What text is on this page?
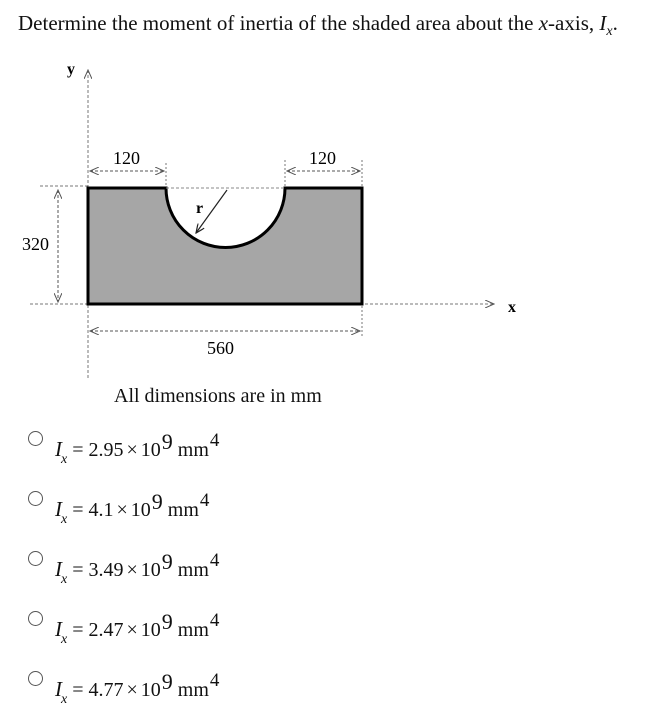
Determine the moment of inertia of the shaded area about the x-axis, $I_x$.
y
x
120	120
320
560
r
All dimensions are in mm
$I_x = 2.95 \times 109$ mm4
$I_x = 4.1 \times 109$ mm4
$I_x = 3.49 \times 109$ mm4
$I_x = 2.47 \times 109$ mm4
$I_x = 4.77 \times 109$ mm4
